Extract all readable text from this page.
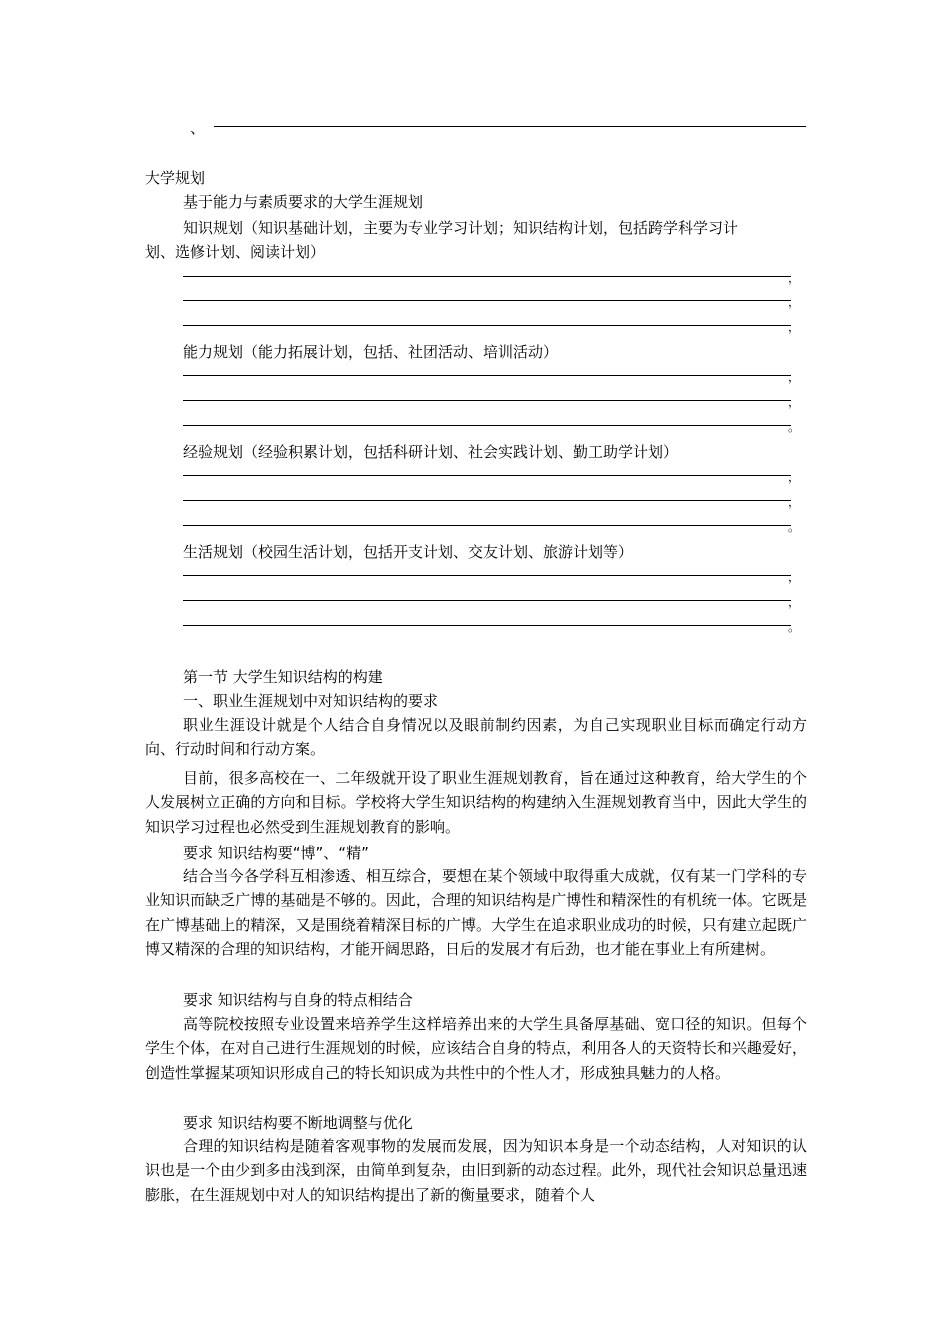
、
大学规划
基于能力与素质要求的大学生涯规划
知识规划（知识基础计划，主要为专业学习计划；知识结构计划，包括跨学科学习计
划、选修计划、阅读计划）
，
，
，
能力规划（能力拓展计划，包括、社团活动、培训活动）
，
，
。
经验规划（经验积累计划，包括科研计划、社会实践计划、勤工助学计划）
，
，
。
生活规划（校园生活计划，包括开支计划、交友计划、旅游计划等）
，
，
。
第一节 大学生知识结构的构建
一、职业生涯规划中对知识结构的要求
职业生涯设计就是个人结合自身情况以及眼前制约因素，为自己实现职业目标而确定行动方向、行动时间和行动方案。
目前，很多高校在一、二年级就开设了职业生涯规划教育，旨在通过这种教育，给大学生的个人发展树立正确的方向和目标。学校将大学生知识结构的构建纳入生涯规划教育当中，因此大学生的知识学习过程也必然受到生涯规划教育的影响。
要求 知识结构要“博”、“精”
结合当今各学科互相渗透、相互综合，要想在某个领域中取得重大成就，仅有某一门学科的专业知识而缺乏广博的基础是不够的。因此，合理的知识结构是广博性和精深性的有机统一体。它既是在广博基础上的精深，又是围绕着精深目标的广博。大学生在追求职业成功的时候，只有建立起既广博又精深的合理的知识结构，才能开阔思路，日后的发展才有后劲，也才能在事业上有所建树。
要求 知识结构与自身的特点相结合
高等院校按照专业设置来培养学生这样培养出来的大学生具备厚基础、宽口径的知识。但每个学生个体，在对自己进行生涯规划的时候，应该结合自身的特点，利用各人的天资特长和兴趣爱好，创造性掌握某项知识形成自己的特长知识成为共性中的个性人才，形成独具魅力的人格。
要求 知识结构要不断地调整与优化
合理的知识结构是随着客观事物的发展而发展，因为知识本身是一个动态结构，人对知识的认识也是一个由少到多由浅到深，由简单到复杂，由旧到新的动态过程。此外，现代社会知识总量迅速膨胀，在生涯规划中对人的知识结构提出了新的衡量要求，随着个人
